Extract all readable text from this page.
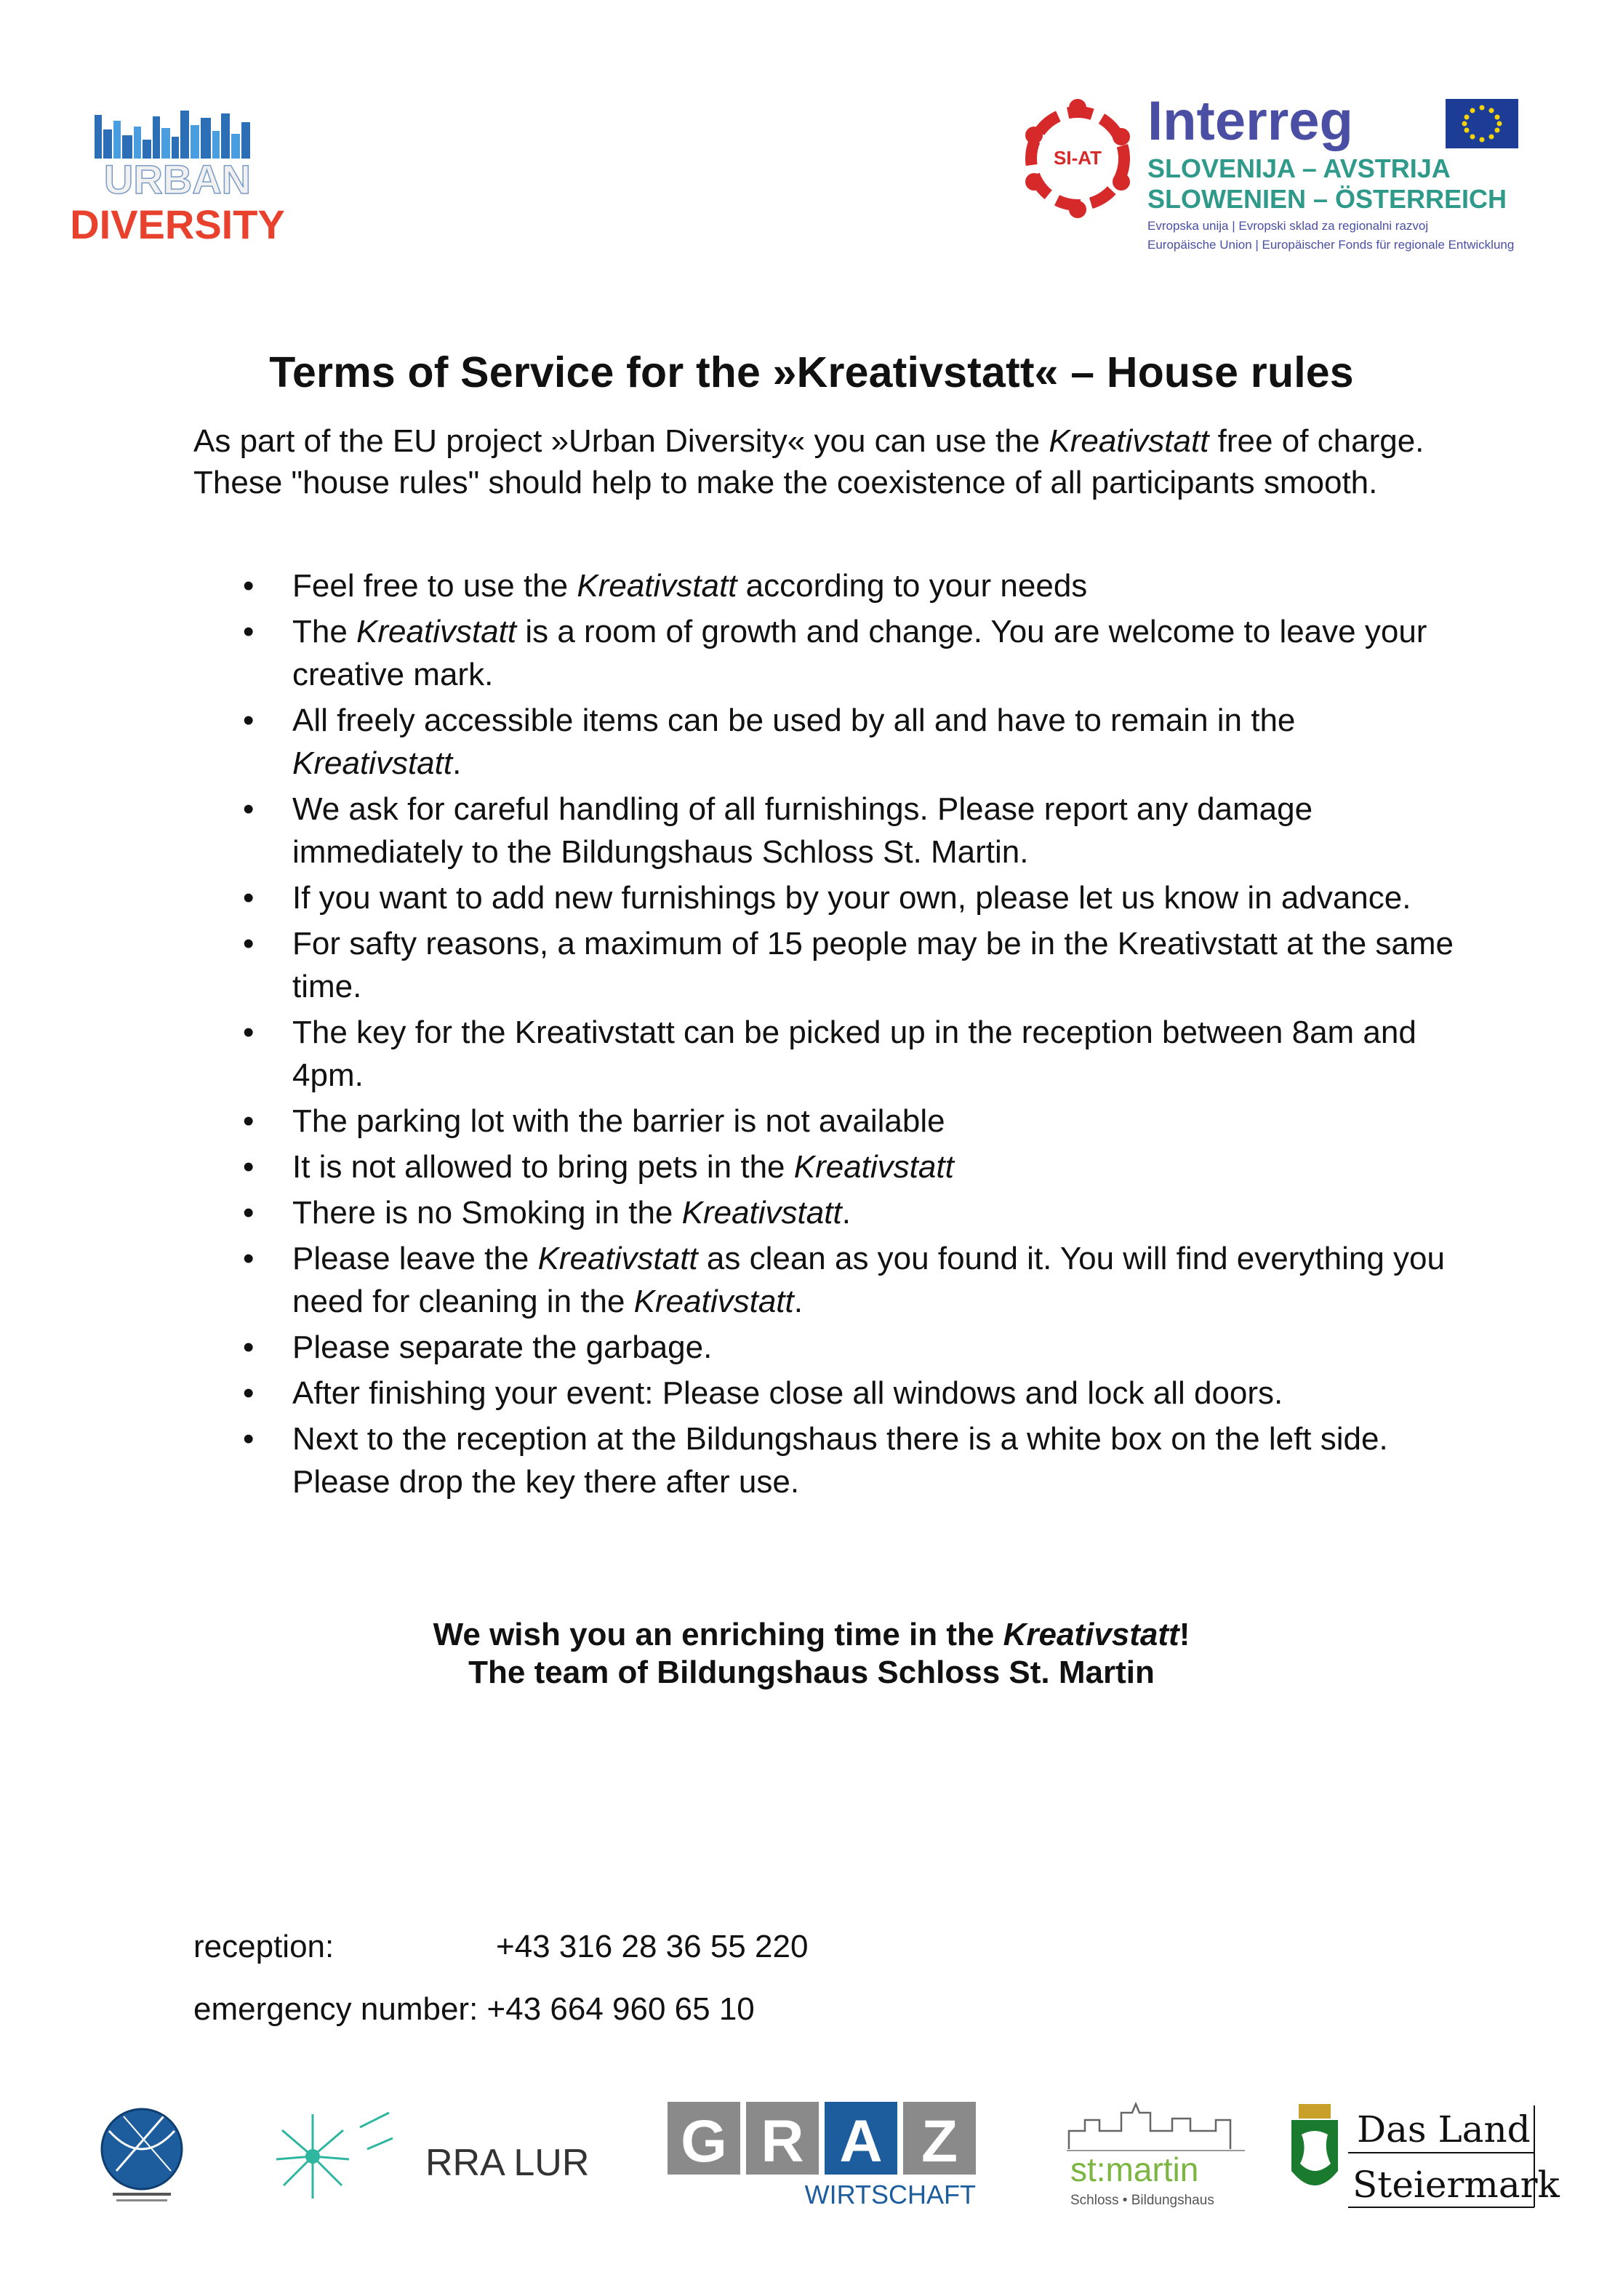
URBAN
DIVERSITY
SI-AT
Interreg
SLOVENIJA – AVSTRIJA
SLOWENIEN – ÖSTERREICH
Evropska unija | Evropski sklad za regionalni razvoj
Europäische Union | Europäischer Fonds für regionale Entwicklung
Terms of Service for the »Kreativstatt« – House rules
As part of the EU project »Urban Diversity« you can use the Kreativstatt free of charge.
These "house rules" should help to make the coexistence of all participants smooth.
• Feel free to use the Kreativstatt according to your needs
• The Kreativstatt is a room of growth and change. You are welcome to leave your creative mark.
• All freely accessible items can be used by all and have to remain in the Kreativstatt.
• We ask for careful handling of all furnishings. Please report any damage immediately to the Bildungshaus Schloss St. Martin.
• If you want to add new furnishings by your own, please let us know in advance.
• For safty reasons, a maximum of 15 people may be in the Kreativstatt at the same time.
• The key for the Kreativstatt can be picked up in the reception between 8am and 4pm.
• The parking lot with the barrier is not available
• It is not allowed to bring pets in the Kreativstatt
• There is no Smoking in the Kreativstatt.
• Please leave the Kreativstatt as clean as you found it. You will find everything you need for cleaning in the Kreativstatt.
• Please separate the garbage.
• After finishing your event: Please close all windows and lock all doors.
• Next to the reception at the Bildungshaus there is a white box on the left side. Please drop the key there after use.
We wish you an enriching time in the Kreativstatt!
The team of Bildungshaus Schloss St. Martin
reception:	+43 316 28 36 55 220
emergency number: +43 664 960 65 10
RRA LUR G R A Z
WIRTSCHAFT
st:martin
Schloss • Bildungshaus
Das Land
Steiermark
